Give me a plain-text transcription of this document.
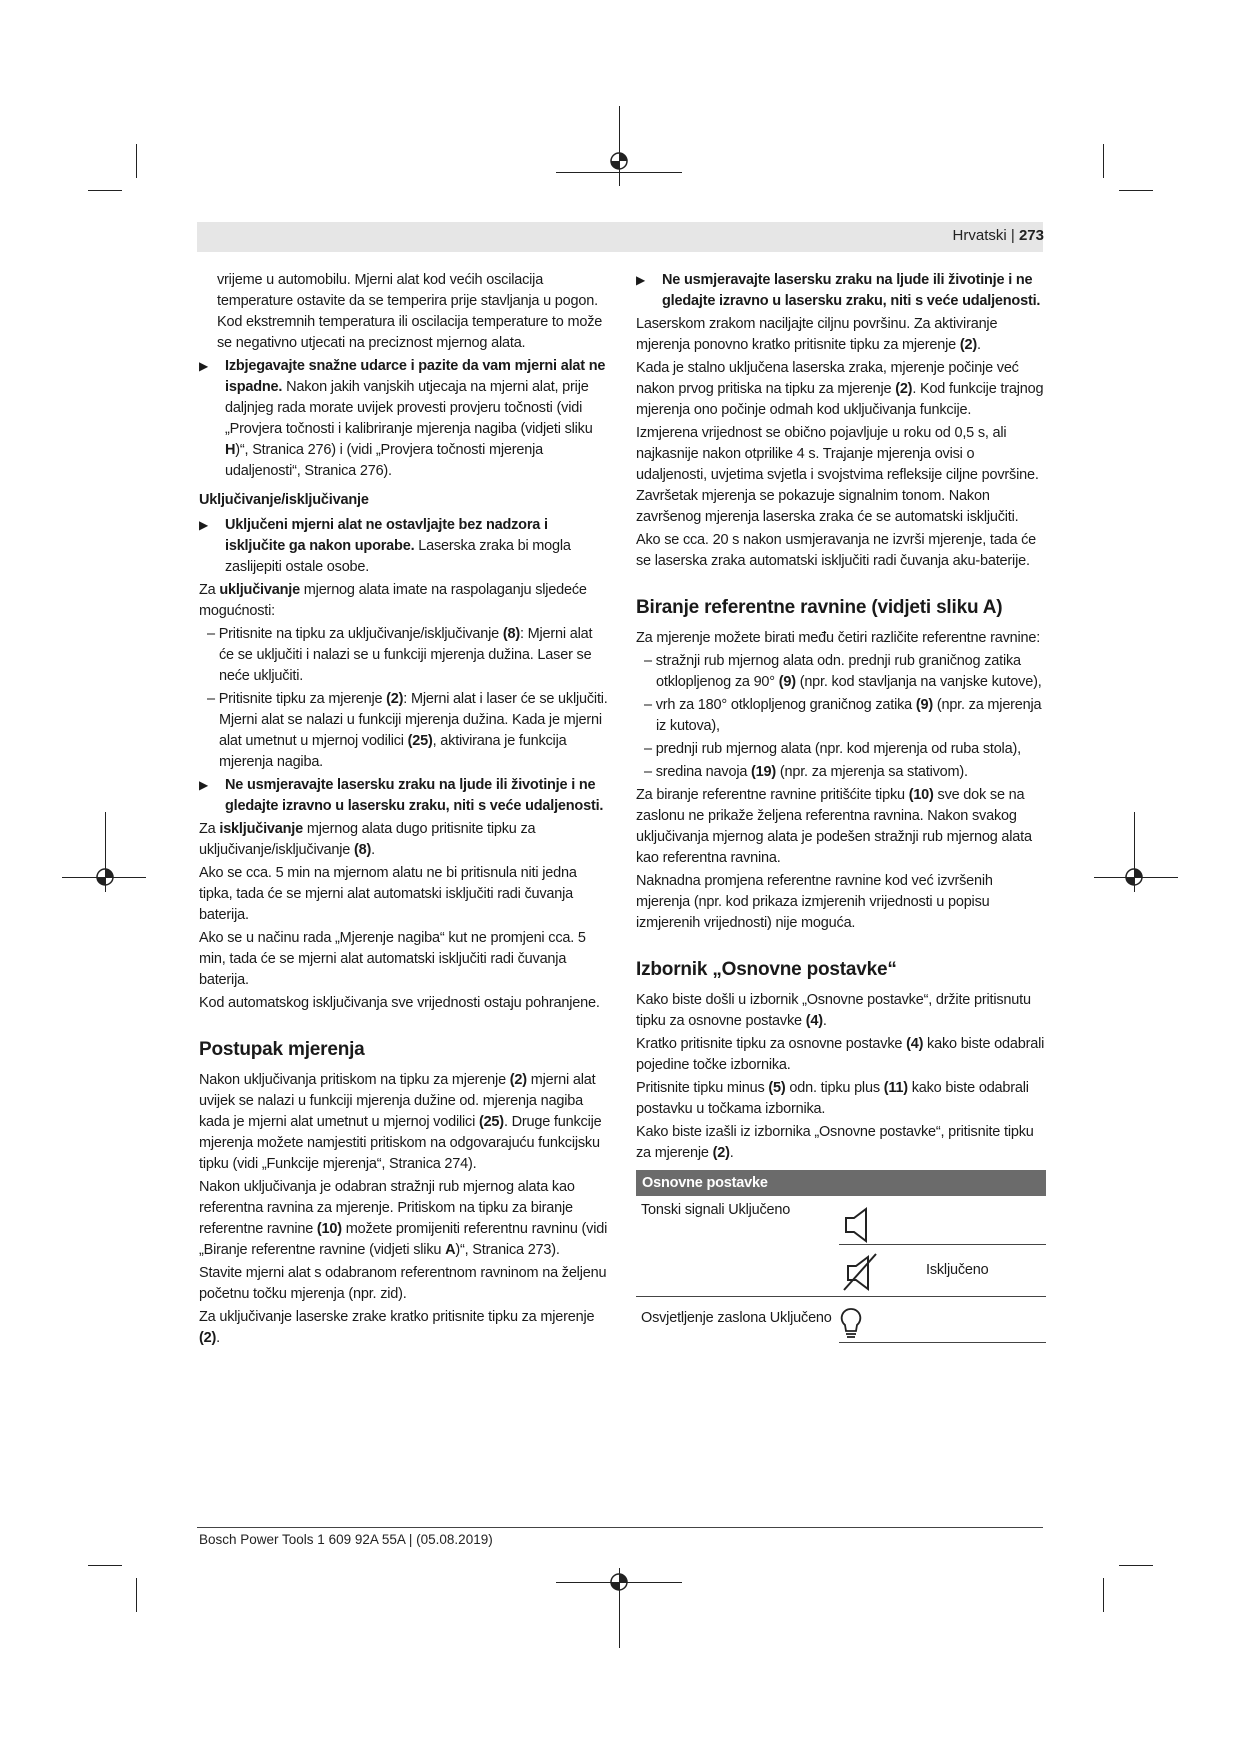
Hrvatski | 273

vrijeme u automobilu. Mjerni alat kod većih oscilacija temperature ostavite da se temperira prije stavljanja u pogon. Kod ekstremnih temperatura ili oscilacija temperature to može se negativno utjecati na preciznost mjernog alata.

▶ Izbjegavajte snažne udarce i pazite da vam mjerni alat ne ispadne. Nakon jakih vanjskih utjecaja na mjerni alat, prije daljnjeg rada morate uvijek provesti provjeru točnosti (vidi „Provjera točnosti i kalibriranje mjerenja nagiba (vidjeti sliku H)“, Stranica 276) i (vidi „Provjera točnosti mjerenja udaljenosti“, Stranica 276).

Uključivanje/isključivanje

▶ Uključeni mjerni alat ne ostavljajte bez nadzora i isključite ga nakon uporabe. Laserska zraka bi mogla zaslijepiti ostale osobe.

Za uključivanje mjernog alata imate na raspolaganju sljedeće mogućnosti:

– Pritisnite na tipku za uključivanje/isključivanje (8): Mjerni alat će se uključiti i nalazi se u funkciji mjerenja dužina. Laser se neće uključiti.

– Pritisnite tipku za mjerenje (2): Mjerni alat i laser će se uključiti. Mjerni alat se nalazi u funkciji mjerenja dužina. Kada je mjerni alat umetnut u mjernoj vodilici (25), aktivirana je funkcija mjerenja nagiba.

▶ Ne usmjeravajte lasersku zraku na ljude ili životinje i ne gledajte izravno u lasersku zraku, niti s veće udaljenosti.

Za isključivanje mjernog alata dugo pritisnite tipku za uključivanje/isključivanje (8).

Ako se cca. 5 min na mjernom alatu ne bi pritisnula niti jedna tipka, tada će se mjerni alat automatski isključiti radi čuvanja baterija.

Ako se u načinu rada „Mjerenje nagiba“ kut ne promjeni cca. 5 min, tada će se mjerni alat automatski isključiti radi čuvanja baterija.

Kod automatskog isključivanja sve vrijednosti ostaju pohranjene.

Postupak mjerenja

Nakon uključivanja pritiskom na tipku za mjerenje (2) mjerni alat uvijek se nalazi u funkciji mjerenja dužine od. mjerenja nagiba kada je mjerni alat umetnut u mjernoj vodilici (25). Druge funkcije mjerenja možete namjestiti pritiskom na odgovarajuću funkcijsku tipku (vidi „Funkcije mjerenja“, Stranica 274).

Nakon uključivanja je odabran stražnji rub mjernog alata kao referentna ravnina za mjerenje. Pritiskom na tipku za biranje referentne ravnine (10) možete promijeniti referentnu ravninu (vidi „Biranje referentne ravnine (vidjeti sliku A)“, Stranica 273).

Stavite mjerni alat s odabranom referentnom ravninom na željenu početnu točku mjerenja (npr. zid).

Za uključivanje laserske zrake kratko pritisnite tipku za mjerenje (2).

▶ Ne usmjeravajte lasersku zraku na ljude ili životinje i ne gledajte izravno u lasersku zraku, niti s veće udaljenosti.

Laserskom zrakom naciljajte ciljnu površinu. Za aktiviranje mjerenja ponovno kratko pritisnite tipku za mjerenje (2).

Kada je stalno uključena laserska zraka, mjerenje počinje već nakon prvog pritiska na tipku za mjerenje (2). Kod funkcije trajnog mjerenja ono počinje odmah kod uključivanja funkcije.

Izmjerena vrijednost se obično pojavljuje u roku od 0,5 s, ali najkasnije nakon otprilike 4 s. Trajanje mjerenja ovisi o udaljenosti, uvjetima svjetla i svojstvima refleksije ciljne površine. Završetak mjerenja se pokazuje signalnim tonom. Nakon završenog mjerenja laserska zraka će se automatski isključiti.

Ako se cca. 20 s nakon usmjeravanja ne izvrši mjerenje, tada će se laserska zraka automatski isključiti radi čuvanja aku-baterije.

Biranje referentne ravnine (vidjeti sliku A)

Za mjerenje možete birati među četiri različite referentne ravnine:

– stražnji rub mjernog alata odn. prednji rub graničnog zatika otklopljenog za 90° (9) (npr. kod stavljanja na vanjske kutove),

– vrh za 180° otklopljenog graničnog zatika (9) (npr. za mjerenja iz kutova),

– prednji rub mjernog alata (npr. kod mjerenja od ruba stola),

– sredina navoja (19) (npr. za mjerenja sa stativom).

Za biranje referentne ravnine pritišćite tipku (10) sve dok se na zaslonu ne prikaže željena referentna ravnina. Nakon svakog uključivanja mjernog alata je podešen stražnji rub mjernog alata kao referentna ravnina.

Naknadna promjena referentne ravnine kod već izvršenih mjerenja (npr. kod prikaza izmjerenih vrijednosti u popisu izmjerenih vrijednosti) nije moguća.

Izbornik „Osnovne postavke“

Kako biste došli u izbornik „Osnovne postavke“, držite pritisnutu tipku za osnovne postavke (4).

Kratko pritisnite tipku za osnovne postavke (4) kako biste odabrali pojedine točke izbornika.

Pritisnite tipku minus (5) odn. tipku plus (11) kako biste odabrali postavku u točkama izbornika.

Kako biste izašli iz izbornika „Osnovne postavke“, pritisnite tipku za mjerenje (2).

Osnovne postavke
Tonski signali Uključeno
Isključeno
Osvjetljenje zaslona Uključeno
Bosch Power Tools 1 609 92A 55A | (05.08.2019)
